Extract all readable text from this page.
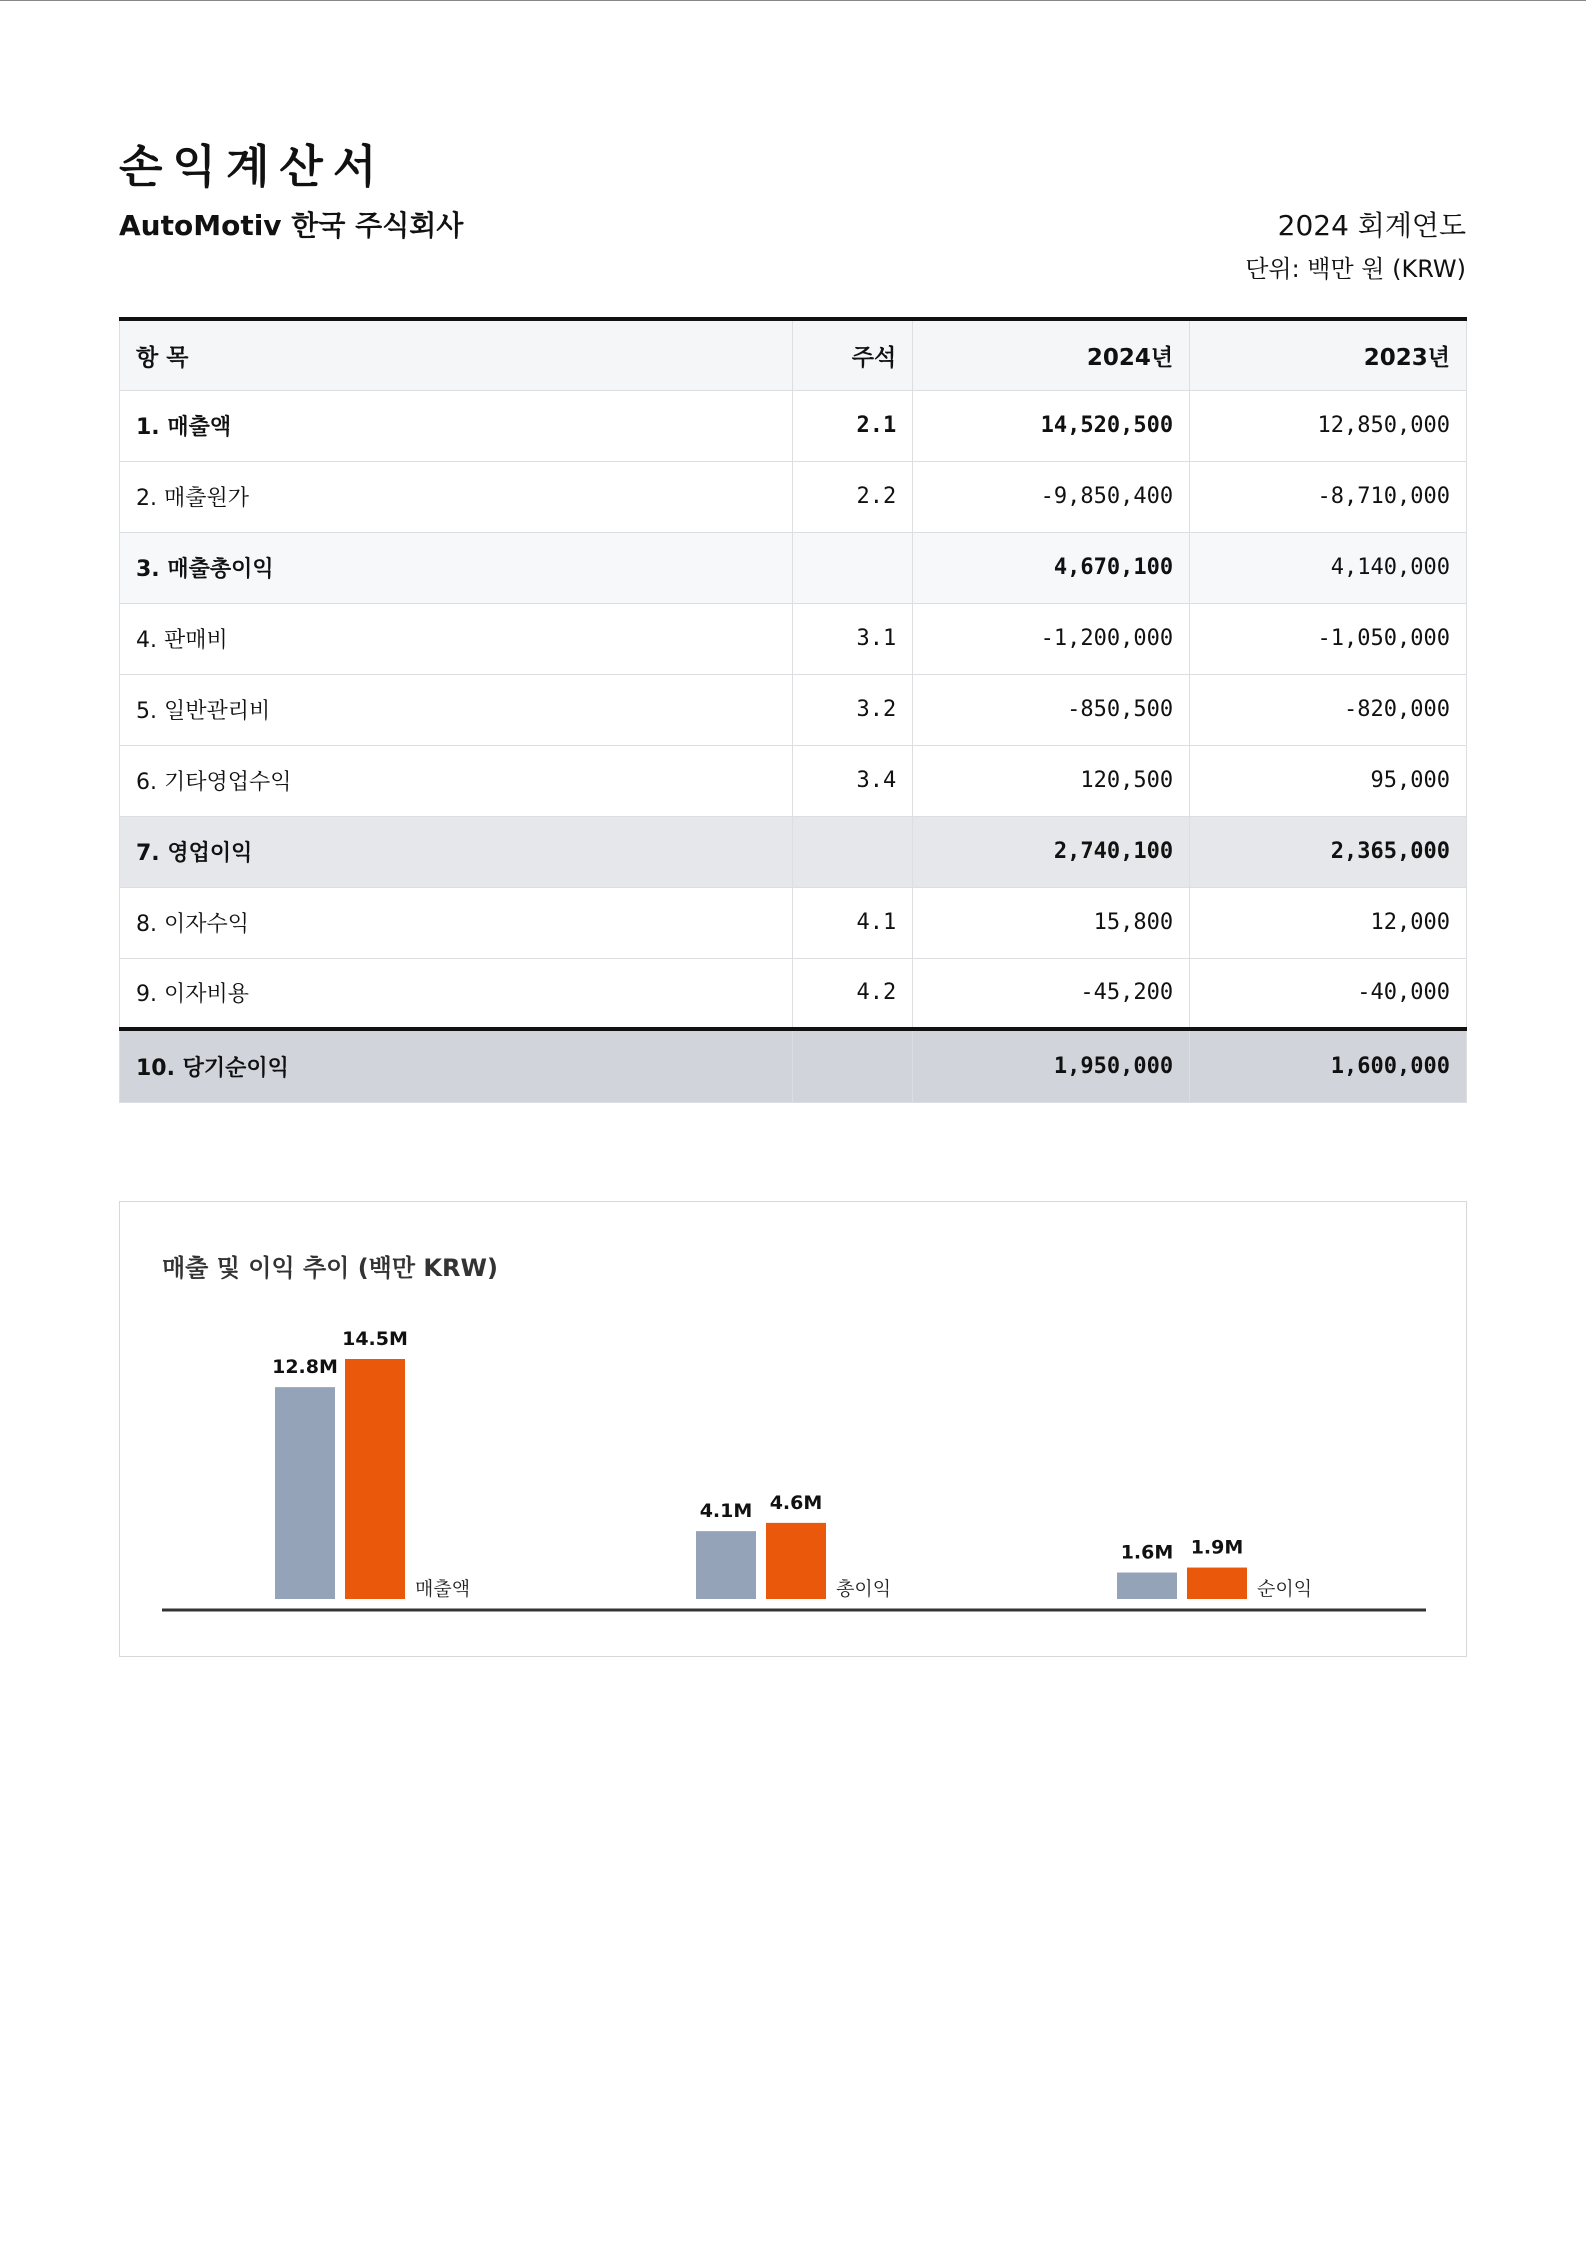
손익계산서
AutoMotiv 한국 주식회사	2024 회계연도
단위: 백만 원 (KRW)
항 목	주석	2024년	2023년
1. 매출액	2.1	14,520,500	12,850,000
2. 매출원가	2.2	-9,850,400	-8,710,000
3. 매출총이익		4,670,100	4,140,000
4. 판매비	3.1	-1,200,000	-1,050,000
5. 일반관리비	3.2	-850,500	-820,000
6. 기타영업수익	3.4	120,500	95,000
7. 영업이익		2,740,100	2,365,000
8. 이자수익	4.1	15,800	12,000
9. 이자비용	4.2	-45,200	-40,000
10. 당기순이익		1,950,000	1,600,000
매출 및 이익 추이 (백만 KRW)
12.8M
14.5M
매출액
4.1M 4.6M
총이익
1.6M 1.9M
순이익
